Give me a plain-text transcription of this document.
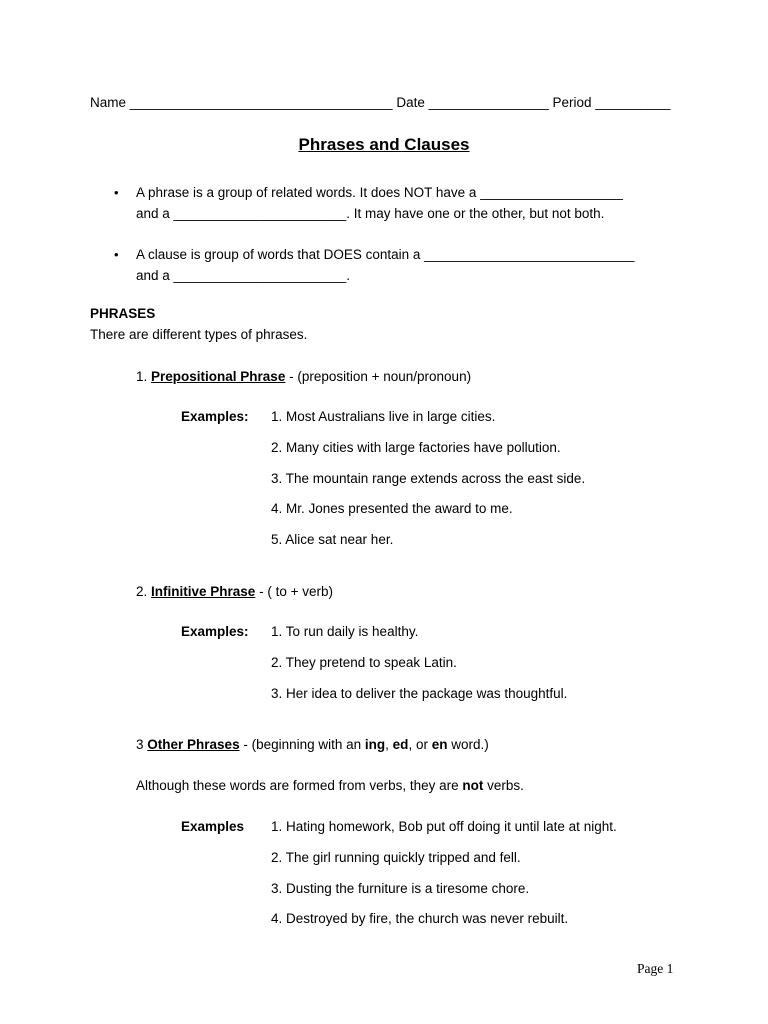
Name ___________________________________ Date ________________ Period __________
Phrases and Clauses
• A phrase is a group of related words. It does NOT have a ___________________
and a _______________________. It may have one or the other, but not both.
• A clause is group of words that DOES contain a ____________________________
and a _______________________.
PHRASES
There are different types of phrases.
1. Prepositional Phrase - (preposition + noun/pronoun)
Examples: 1. Most Australians live in large cities.
2. Many cities with large factories have pollution.
3. The mountain range extends across the east side.
4. Mr. Jones presented the award to me.
5. Alice sat near her.
2. Infinitive Phrase - ( to + verb)
Examples: 1. To run daily is healthy.
2. They pretend to speak Latin.
3. Her idea to deliver the package was thoughtful.
3 Other Phrases - (beginning with an ing, ed, or en word.)
Although these words are formed from verbs, they are not verbs.
Examples 1. Hating homework, Bob put off doing it until late at night.
2. The girl running quickly tripped and fell.
3. Dusting the furniture is a tiresome chore.
4. Destroyed by fire, the church was never rebuilt.
Page 1
